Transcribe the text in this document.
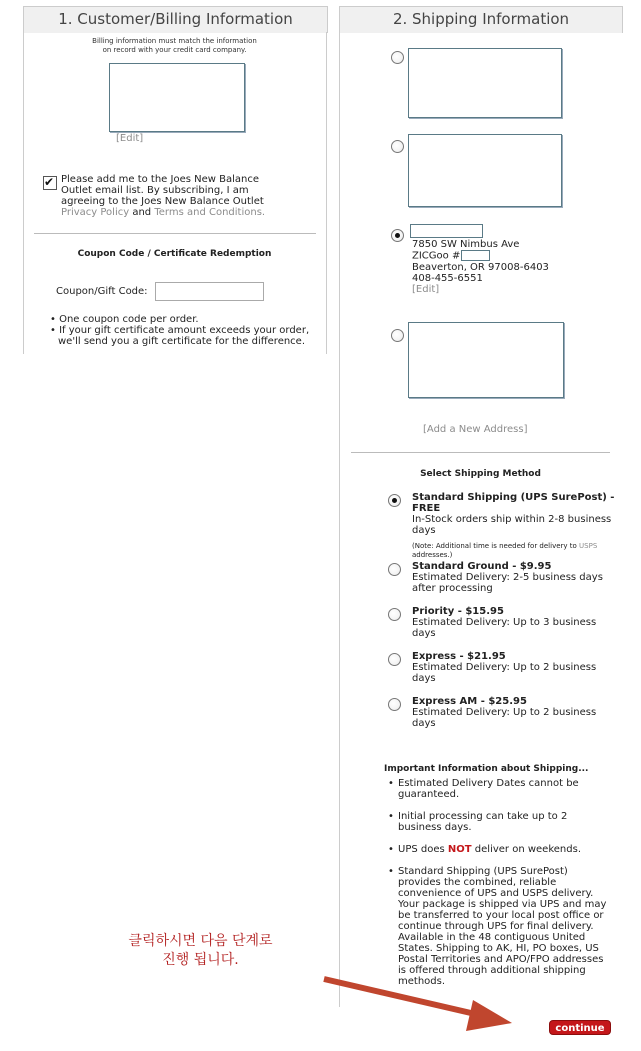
1. Customer/Billing Information
Billing information must match the information
on record with your credit card company.
[Edit]
✔ Please add me to the Joes New Balance
Outlet email list. By subscribing, I am
agreeing to the Joes New Balance Outlet
Privacy Policy and Terms and Conditions.
Coupon Code / Certificate Redemption
Coupon/Gift Code:
• One coupon code per order.
• If your gift certificate amount exceeds your order,
we'll send you a gift certificate for the difference.
2. Shipping Information
7850 SW Nimbus Ave
ZICGoo #
Beaverton, OR 97008-6403
408-455-6551
[Edit]
[Add a New Address]
Select Shipping Method
Standard Shipping (UPS SurePost) - FREE
In-Stock orders ship within 2-8 business
days
(Note: Additional time is needed for delivery to USPS
addresses.)
Standard Ground - $9.95
Estimated Delivery: 2-5 business days
after processing
Priority - $15.95
Estimated Delivery: Up to 3 business
days
Express - $21.95
Estimated Delivery: Up to 2 business
days
Express AM - $25.95
Estimated Delivery: Up to 2 business
days
Important Information about Shipping...
• Estimated Delivery Dates cannot be
guaranteed.
• Initial processing can take up to 2
business days.
• UPS does NOT deliver on weekends.
• Standard Shipping (UPS SurePost)
provides the combined, reliable
convenience of UPS and USPS delivery.
Your package is shipped via UPS and may
be transferred to your local post office or
continue through UPS for final delivery.
Available in the 48 contiguous United
States. Shipping to AK, HI, PO boxes, US
Postal Territories and APO/FPO addresses
is offered through additional shipping
methods.
클릭하시면 다음 단계로
진행 됩니다.
continue ❯
